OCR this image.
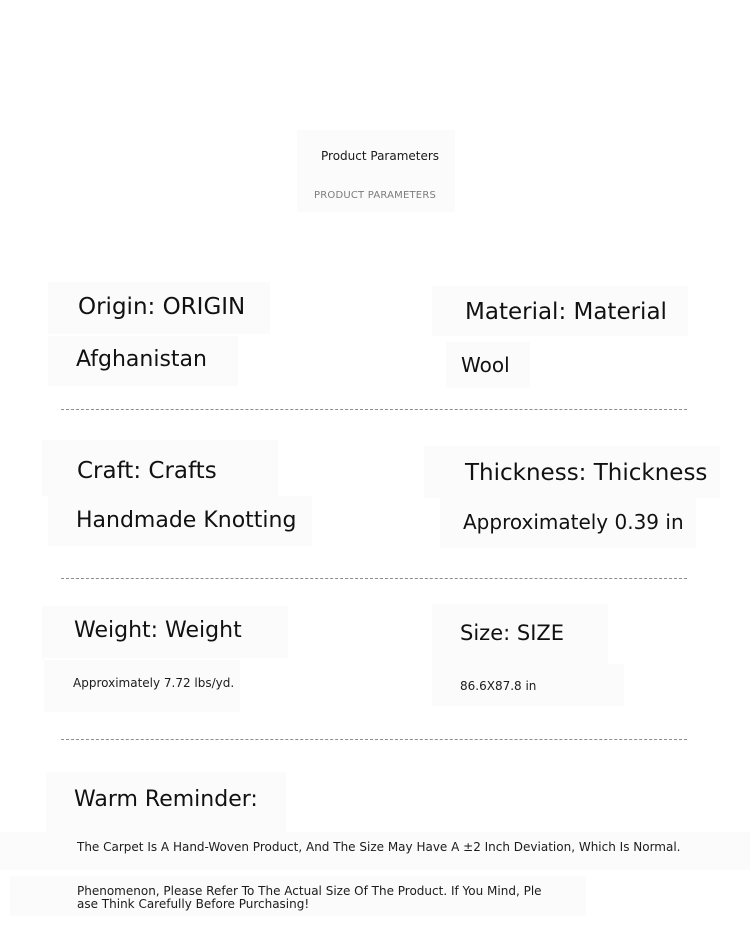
Product Parameters
PRODUCT PARAMETERS
Origin: ORIGIN
Afghanistan
Material: Material
Wool
Craft: Crafts
Handmade Knotting
Thickness: Thickness
Approximately 0.39 in
Weight: Weight
Approximately 7.72 lbs/yd.
Size: SIZE
86.6X87.8 in
Warm Reminder:
The Carpet Is A Hand-Woven Product, And The Size May Have A ±2 Inch Deviation, Which Is Normal.
Phenomenon, Please Refer To The Actual Size Of The Product. If You Mind, Ple
ase Think Carefully Before Purchasing!
